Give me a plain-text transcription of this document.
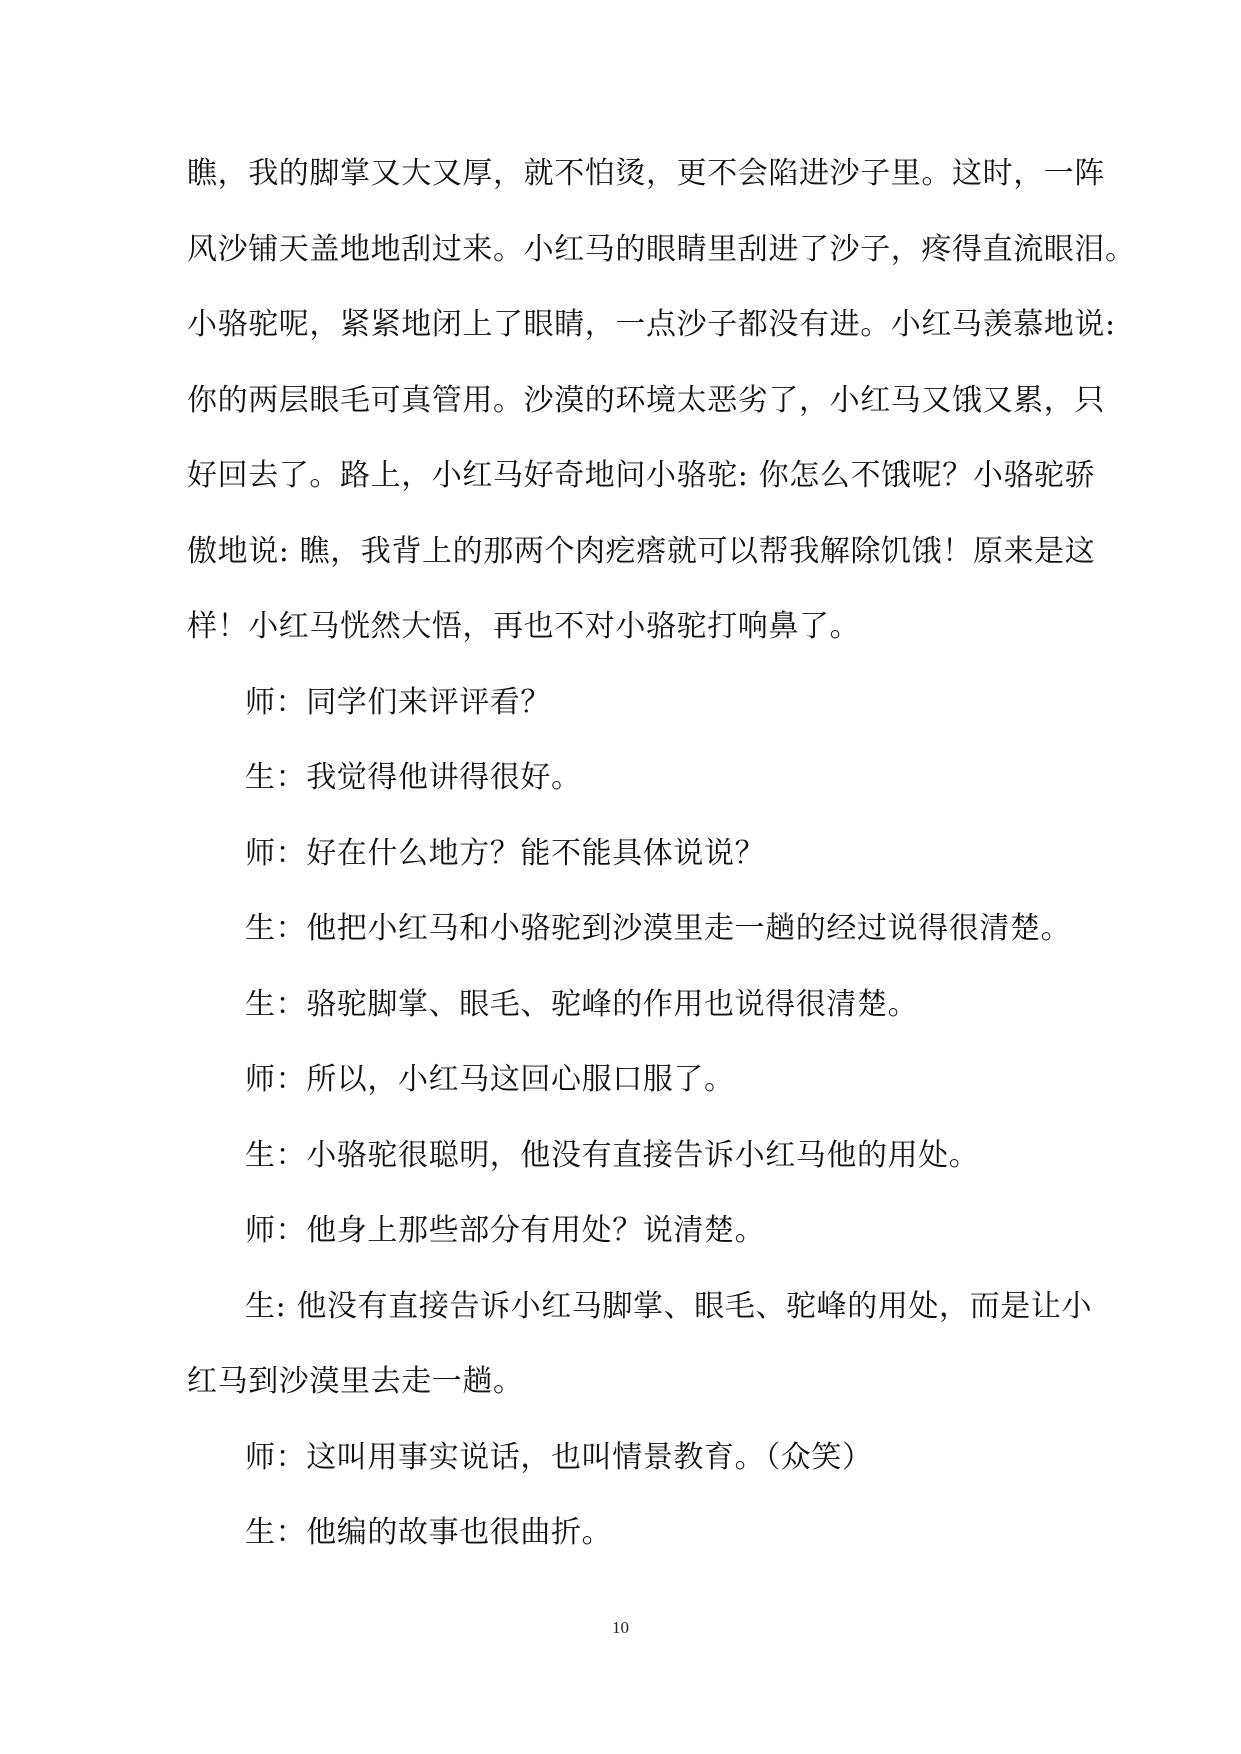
瞧，我的脚掌又大又厚，就不怕烫，更不会陷进沙子里。这时，一阵
风沙铺天盖地地刮过来。小红马的眼睛里刮进了沙子，疼得直流眼泪。
小骆驼呢，紧紧地闭上了眼睛，一点沙子都没有进。小红马羡慕地说:
你的两层眼毛可真管用。沙漠的环境太恶劣了，小红马又饿又累，只
好回去了。路上，小红马好奇地问小骆驼: 你怎么不饿呢？小骆驼骄
傲地说: 瞧，我背上的那两个肉疙瘩就可以帮我解除饥饿！原来是这
样！小红马恍然大悟，再也不对小骆驼打响鼻了。
师：同学们来评评看？
生：我觉得他讲得很好。
师：好在什么地方？能不能具体说说？
生：他把小红马和小骆驼到沙漠里走一趟的经过说得很清楚。
生：骆驼脚掌、眼毛、驼峰的作用也说得很清楚。
师：所以，小红马这回心服口服了。
生：小骆驼很聪明，他没有直接告诉小红马他的用处。
师：他身上那些部分有用处？说清楚。
生: 他没有直接告诉小红马脚掌、眼毛、驼峰的用处，而是让小
红马到沙漠里去走一趟。
师：这叫用事实说话，也叫情景教育。（众笑）
生：他编的故事也很曲折。
10
